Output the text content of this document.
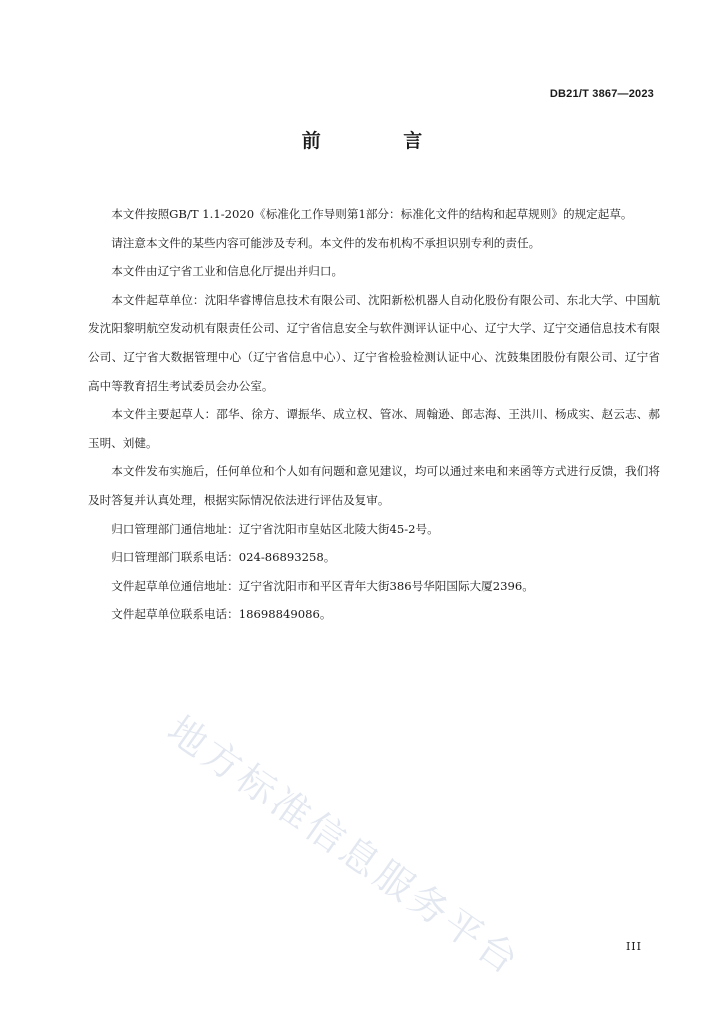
DB21/T 3867—2023
前 言

本文件按照GB/T 1.1-2020《标准化工作导则第1部分：标准化文件的结构和起草规则》的规定起草。

请注意本文件的某些内容可能涉及专利。本文件的发布机构不承担识别专利的责任。

本文件由辽宁省工业和信息化厅提出并归口。

本文件起草单位：沈阳华睿博信息技术有限公司、沈阳新松机器人自动化股份有限公司、东北大学、中国航发沈阳黎明航空发动机有限责任公司、辽宁省信息安全与软件测评认证中心、辽宁大学、辽宁交通信息技术有限公司、辽宁省大数据管理中心（辽宁省信息中心）、辽宁省检验检测认证中心、沈鼓集团股份有限公司、辽宁省高中等教育招生考试委员会办公室。

本文件主要起草人：邵华、徐方、谭振华、成立权、管冰、周翰逊、郎志海、王洪川、杨成实、赵云志、郝玉明、刘健。

本文件发布实施后，任何单位和个人如有问题和意见建议，均可以通过来电和来函等方式进行反馈，我们将及时答复并认真处理，根据实际情况依法进行评估及复审。

归口管理部门通信地址：辽宁省沈阳市皇姑区北陵大街45-2号。

归口管理部门联系电话：024-86893258。

文件起草单位通信地址：辽宁省沈阳市和平区青年大街386号华阳国际大厦2396。

文件起草单位联系电话：18698849086。

地方标准信息服务平台	III
